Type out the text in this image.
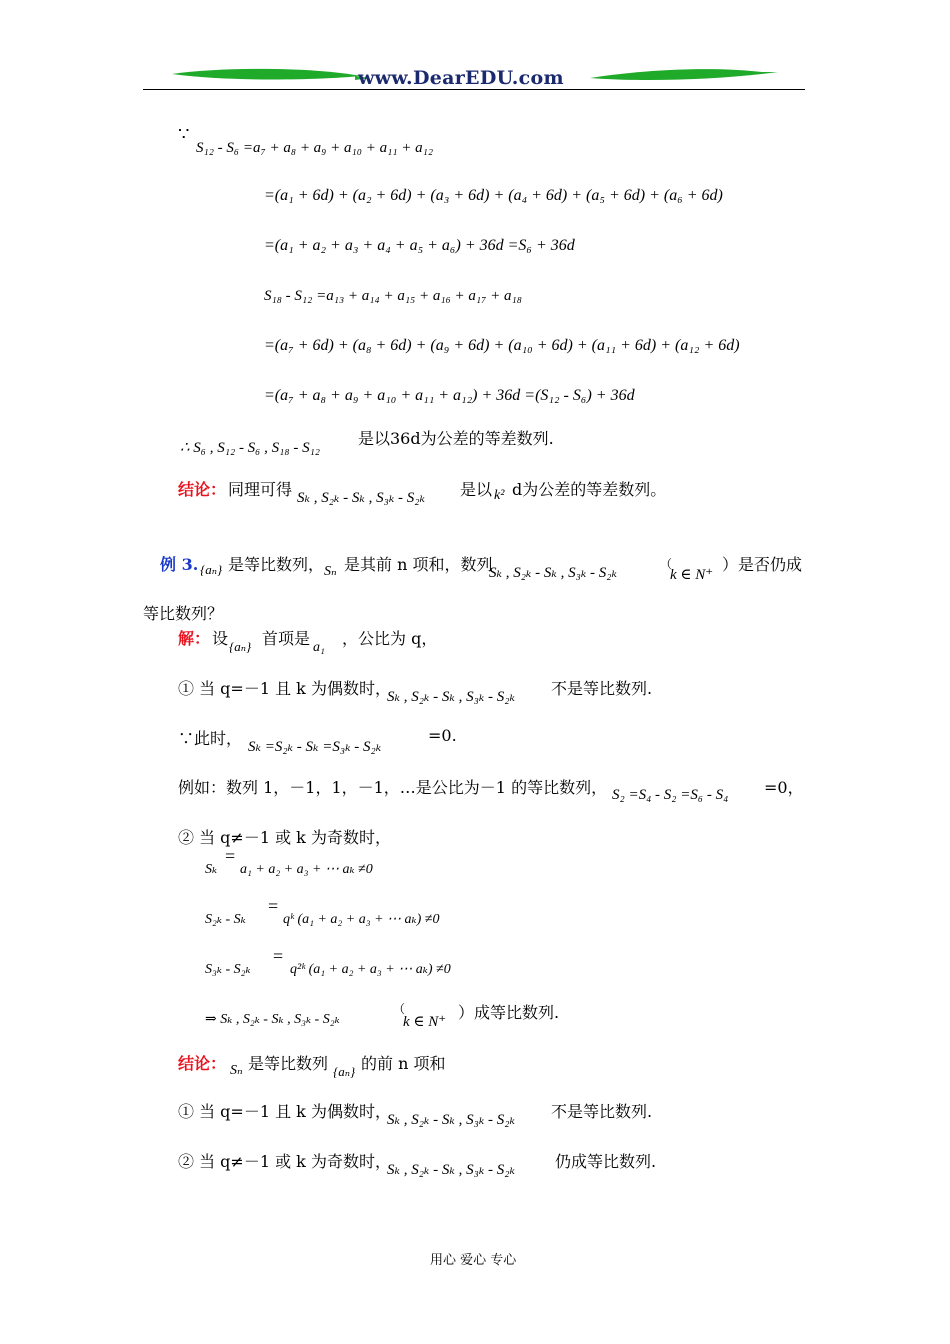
www.DearEDU.com
∵
S₁₂ - S₆ =a₇ + a₈ + a₉ + a₁₀ + a₁₁ + a₁₂
=(a₁ + 6d) + (a₂ + 6d) + (a₃ + 6d) + (a₄ + 6d) + (a₅ + 6d) + (a₆ + 6d)
=(a₁ + a₂ + a₃ + a₄ + a₅ + a₆) + 36d =S₆ + 36d
S₁₈ - S₁₂ =a₁₃ + a₁₄ + a₁₅ + a₁₆ + a₁₇ + a₁₈
=(a₇ + 6d) + (a₈ + 6d) + (a₉ + 6d) + (a₁₀ + 6d) + (a₁₁ + 6d) + (a₁₂ + 6d)
=(a₇ + a₈ + a₉ + a₁₀ + a₁₁ + a₁₂) + 36d =(S₁₂ - S₆) + 36d
∴ S₆ , S₁₂ - S₆ , S₁₈ - S₁₂ 是以36d为公差的等差数列.
结论： 同理可得 Sₖ , S₂ₖ - Sₖ , S₃ₖ - S₂ₖ 是以 k² d为公差的等差数列。
例 3. {aₙ} 是等比数列， Sₙ 是其前 n 项和，数列
Sₖ , S₂ₖ - Sₖ , S₃ₖ - S₂ₖ
（
k ∈ N⁺
）是否仍成
等比数列？
解： 设 {aₙ} 首项是 a₁ ，公比为 q，
① 当 q=－1 且 k 为偶数时，
Sₖ , S₂ₖ - Sₖ , S₃ₖ - S₂ₖ 不是等比数列.
∵此时， Sₖ =S₂ₖ - Sₖ =S₃ₖ - S₂ₖ
=0.
例如：数列 1，－1，1，－1，…是公比为－1 的等比数列， S₂ =S₄ - S₂ =S₆ - S₄ =0，
② 当 q≠－1 或 k 为奇数时，
Sₖ
=
a₁ + a₂ + a₃ + ⋯ aₖ ≠0
S₂ₖ - Sₖ
=
qᵏ (a₁ + a₂ + a₃ + ⋯ aₖ) ≠0
S₃ₖ - S₂ₖ
=
q²ᵏ (a₁ + a₂ + a₃ + ⋯ aₖ) ≠0
⇒ Sₖ , S₂ₖ - Sₖ , S₃ₖ - S₂ₖ
（
k ∈ N⁺ ）成等比数列.
结论： Sₙ 是等比数列 {aₙ} 的前 n 项和
① 当 q=－1 且 k 为偶数时，
Sₖ , S₂ₖ - Sₖ , S₃ₖ - S₂ₖ 不是等比数列.
② 当 q≠－1 或 k 为奇数时，
Sₖ , S₂ₖ - Sₖ , S₃ₖ - S₂ₖ	仍成等比数列.
用心 爱心 专心
